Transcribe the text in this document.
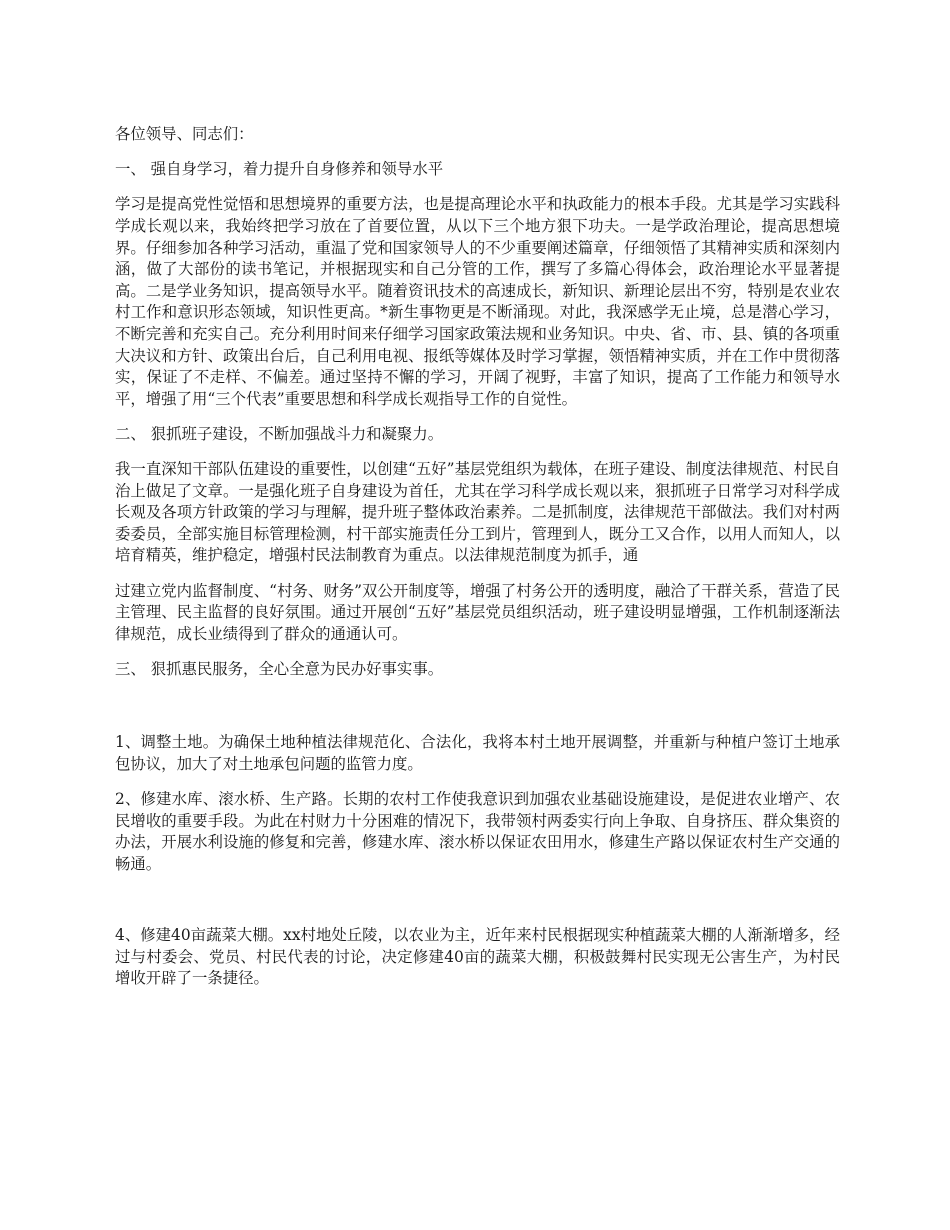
各位领导、同志们：

一、 强自身学习，着力提升自身修养和领导水平

学习是提高党性觉悟和思想境界的重要方法，也是提高理论水平和执政能力的根本手段。尤其是学习实践科学成长观以来，我始终把学习放在了首要位置，从以下三个地方狠下功夫。一是学政治理论，提高思想境界。仔细参加各种学习活动，重温了党和国家领导人的不少重要阐述篇章，仔细领悟了其精神实质和深刻内涵，做了大部份的读书笔记，并根据现实和自己分管的工作，撰写了多篇心得体会，政治理论水平显著提高。二是学业务知识，提高领导水平。随着资讯技术的高速成长，新知识、新理论层出不穷，特别是农业农村工作和意识形态领域，知识性更高。*新生事物更是不断涌现。对此，我深感学无止境，总是潜心学习，不断完善和充实自己。充分利用时间来仔细学习国家政策法规和业务知识。中央、省、市、县、镇的各项重大决议和方针、政策出台后，自己利用电视、报纸等媒体及时学习掌握，领悟精神实质，并在工作中贯彻落实，保证了不走样、不偏差。通过坚持不懈的学习，开阔了视野，丰富了知识，提高了工作能力和领导水平，增强了用“三个代表”重要思想和科学成长观指导工作的自觉性。

二、 狠抓班子建设，不断加强战斗力和凝聚力。

我一直深知干部队伍建设的重要性，以创建“五好”基层党组织为载体，在班子建设、制度法律规范、村民自治上做足了文章。一是强化班子自身建设为首任，尤其在学习科学成长观以来，狠抓班子日常学习对科学成长观及各项方针政策的学习与理解，提升班子整体政治素养。二是抓制度，法律规范干部做法。我们对村两委委员，全部实施目标管理检测，村干部实施责任分工到片，管理到人，既分工又合作，以用人而知人，以培育精英，维护稳定，增强村民法制教育为重点。以法律规范制度为抓手，通

过建立党内监督制度、“村务、财务”双公开制度等，增强了村务公开的透明度，融洽了干群关系，营造了民主管理、民主监督的良好氛围。通过开展创“五好”基层党员组织活动，班子建设明显增强，工作机制逐渐法律规范，成长业绩得到了群众的通通认可。

三、 狠抓惠民服务，全心全意为民办好事实事。

1、调整土地。为确保土地种植法律规范化、合法化，我将本村土地开展调整，并重新与种植户签订土地承包协议，加大了对土地承包问题的监管力度。

2、修建水库、滚水桥、生产路。长期的农村工作使我意识到加强农业基础设施建设，是促进农业增产、农民增收的重要手段。为此在村财力十分困难的情况下，我带领村两委实行向上争取、自身挤压、群众集资的办法，开展水利设施的修复和完善，修建水库、滚水桥以保证农田用水，修建生产路以保证农村生产交通的畅通。

4、修建40亩蔬菜大棚。xx村地处丘陵，以农业为主，近年来村民根据现实种植蔬菜大棚的人渐渐增多，经过与村委会、党员、村民代表的讨论，决定修建40亩的蔬菜大棚，积极鼓舞村民实现无公害生产，为村民增收开辟了一条捷径。
